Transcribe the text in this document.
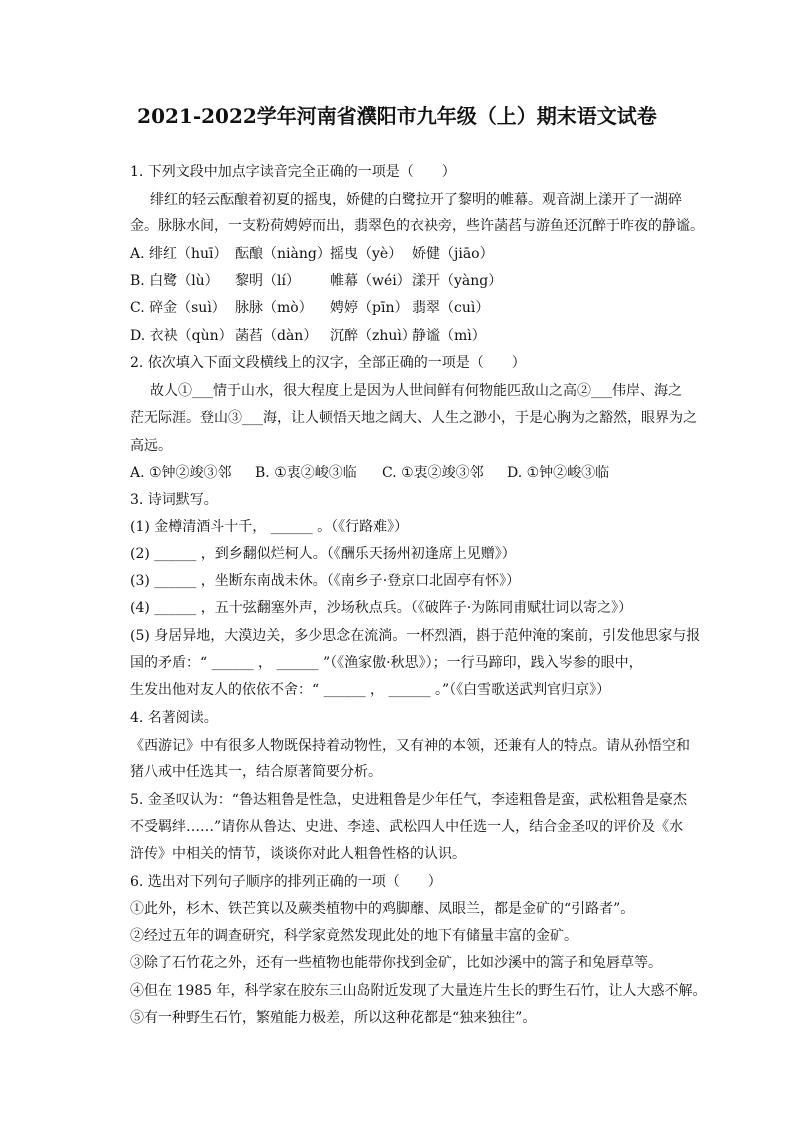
2021-2022学年河南省濮阳市九年级（上）期末语文试卷
1. 下列文段中加点字读音完全正确的一项是（　　）
绯红的轻云酝酿着初夏的摇曳，娇健的白鹭拉开了黎明的帷幕。观音湖上漾开了一湖碎
金。脉脉水间，一支粉荷娉婷而出，翡翠色的衣袂旁，些许菡萏与游鱼还沉醉于昨夜的静谧。
A. 绯红（huī） 酝酿（niàng） 摇曳（yè） 娇健（jiāo）
B. 白鹭（lù） 黎明（lí） 帷幕（wéi） 漾开（yàng）
C. 碎金（suì） 脉脉（mò） 娉婷（pīn） 翡翠（cuì）
D. 衣袂（qùn） 菡萏（dàn） 沉醉（zhuì）
静谧（mì）
2. 依次填入下面文段横线上的汉字，全部正确的一项是（　　）
故人①___情于山水，很大程度上是因为人世间鲜有何物能匹敌山之高②___伟岸、海之
茫无际涯。登山③___海，让人顿悟天地之阔大、人生之渺小，于是心胸为之豁然，眼界为之
高远。
A. ①钟②竣③邻 B. ①衷②峻③临 C. ①衷②竣③邻 D. ①钟②峻③临
3. 诗词默写。
(1) 金樽清酒斗十千， ______ 。（《行路难》）
(2) ______ ，到乡翻似烂柯人。（《酬乐天扬州初逢席上见赠》）
(3) ______ ，坐断东南战未休。（《南乡子·登京口北固亭有怀》）
(4) ______ ，五十弦翻塞外声，沙场秋点兵。（《破阵子·为陈同甫赋壮词以寄之》）
(5) 身居异地，大漠边关，多少思念在流淌。一杯烈酒，斟于范仲淹的案前，引发他思家与报
国的矛盾：“ ______ ， ______ ”（《渔家傲·秋思》）；一行马蹄印，践入岑参的眼中，
生发出他对友人的依依不舍：“ ______ ， ______ 。”（《白雪歌送武判官归京》）
4. 名著阅读。
《西游记》中有很多人物既保持着动物性，又有神的本领，还兼有人的特点。请从孙悟空和
猪八戒中任选其一，结合原著简要分析。
5. 金圣叹认为：“鲁达粗鲁是性急，史进粗鲁是少年任气，李逵粗鲁是蛮，武松粗鲁是豪杰
不受羁绊……”请你从鲁达、史进、李逵、武松四人中任选一人，结合金圣叹的评价及《水
浒传》中相关的情节，谈谈你对此人粗鲁性格的认识。
6. 选出对下列句子顺序的排列正确的一项（　　）
①此外，杉木、铁芒箕以及蕨类植物中的鸡脚蘼、凤眼兰，都是金矿的“引路者”。
②经过五年的调查研究，科学家竟然发现此处的地下有储量丰富的金矿。
③除了石竹花之外，还有一些植物也能带你找到金矿，比如沙溪中的篙子和兔唇草等。
④但在 1985 年，科学家在胶东三山岛附近发现了大量连片生长的野生石竹，让人大惑不解。
⑤有一种野生石竹，繁殖能力极差，所以这种花都是“独来独往”。
